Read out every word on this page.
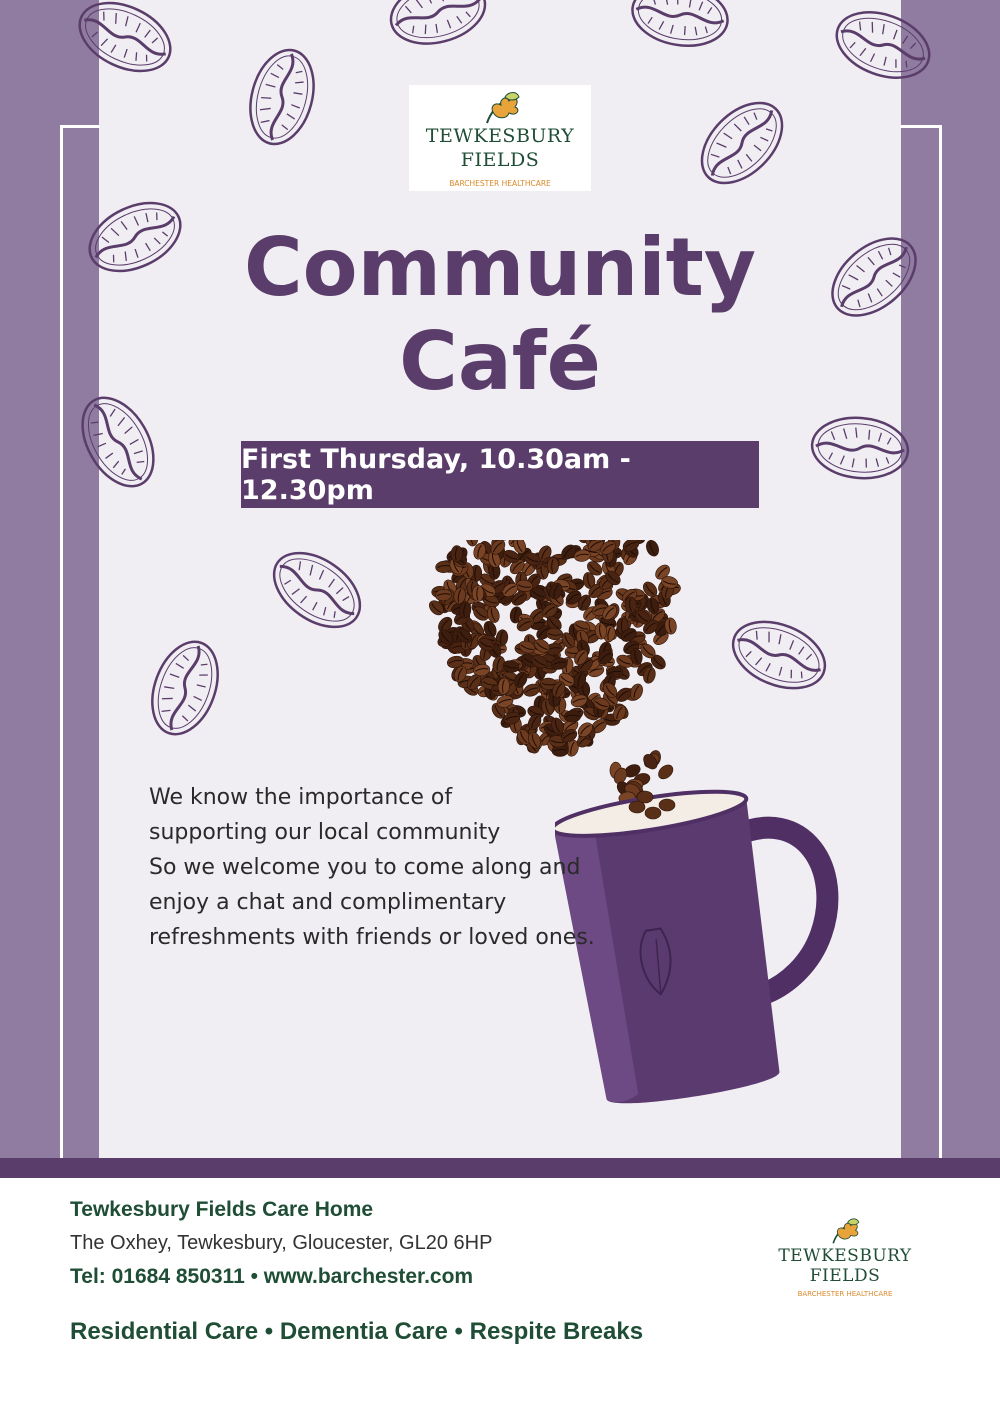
TEWKESBURY
FIELDS
BARCHESTER HEALTHCARE
Community
Café
First Thursday, 10.30am - 12.30pm
We know the importance of
supporting our local community
So we welcome you to come along and
enjoy a chat and complimentary
refreshments with friends or loved ones.
Tewkesbury Fields Care Home
The Oxhey, Tewkesbury, Gloucester, GL20 6HP
Tel: 01684 850311 • www.barchester.com
Residential Care • Dementia Care • Respite Breaks
TEWKESBURY
FIELDS
BARCHESTER HEALTHCARE
